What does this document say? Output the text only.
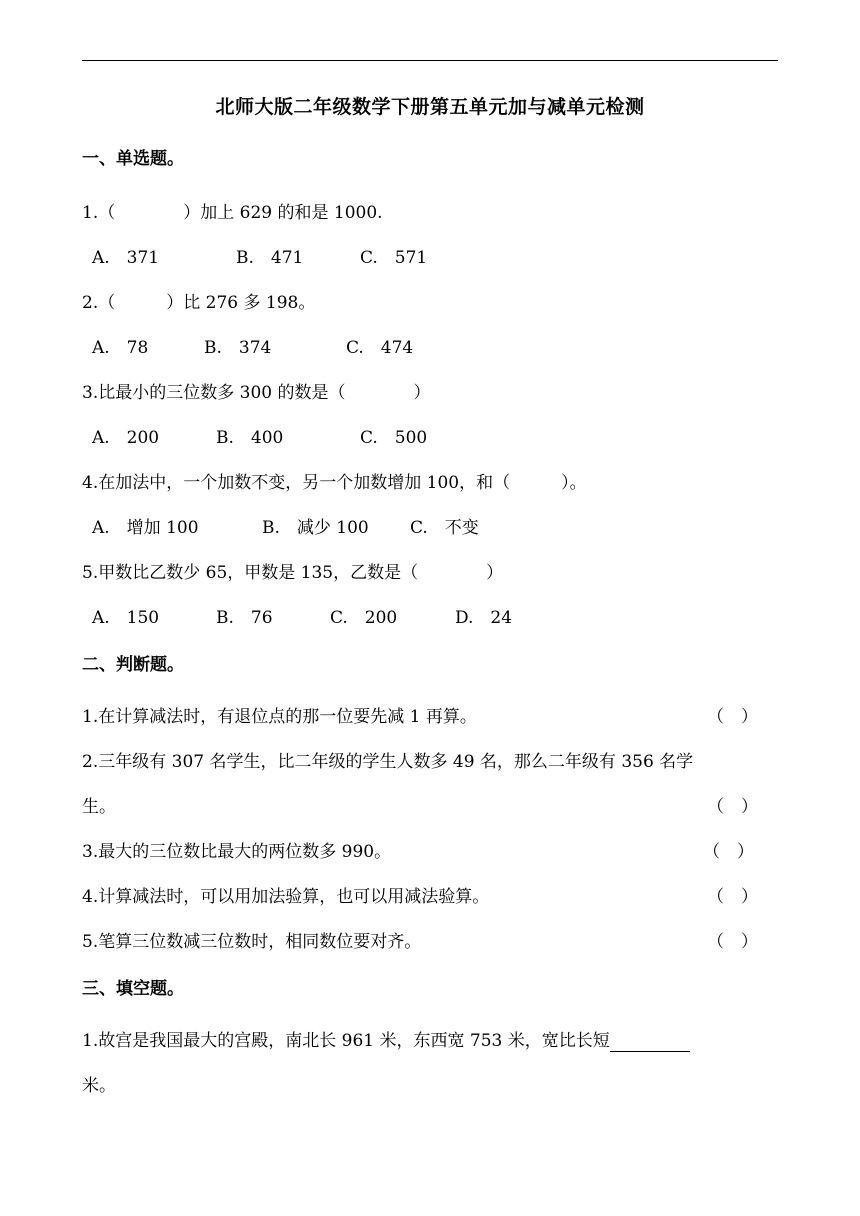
北师大版二年级数学下册第五单元加与减单元检测
一、单选题。
1.（　　　　）加上 629 的和是 1000.
A.　371	B.　471	C.　571
2.（　　　）比 276 多 198。
A.　78	B.　374	C.　474
3.比最小的三位数多 300 的数是（　　　　）
A.　200	B.　400	C.　500
4.在加法中，一个加数不变，另一个加数增加 100，和（　　　）。
A.　增加 100	B.　减少 100 C.　不变
5.甲数比乙数少 65，甲数是 135，乙数是（　　　　）
A.　150	B.　76	C.　200	D.　24
二、判断题。
1.在计算减法时，有退位点的那一位要先减 1 再算。	（　）
2.三年级有 307 名学生，比二年级的学生人数多 49 名，那么二年级有 356 名学
生。	（　）
3.最大的三位数比最大的两位数多 990。	（　）
4.计算减法时，可以用加法验算，也可以用减法验算。	（　）
5.笔算三位数减三位数时，相同数位要对齐。	（　）
三、填空题。
1.故宫是我国最大的宫殿，南北长 961 米，东西宽 753 米，宽比长短
米。
